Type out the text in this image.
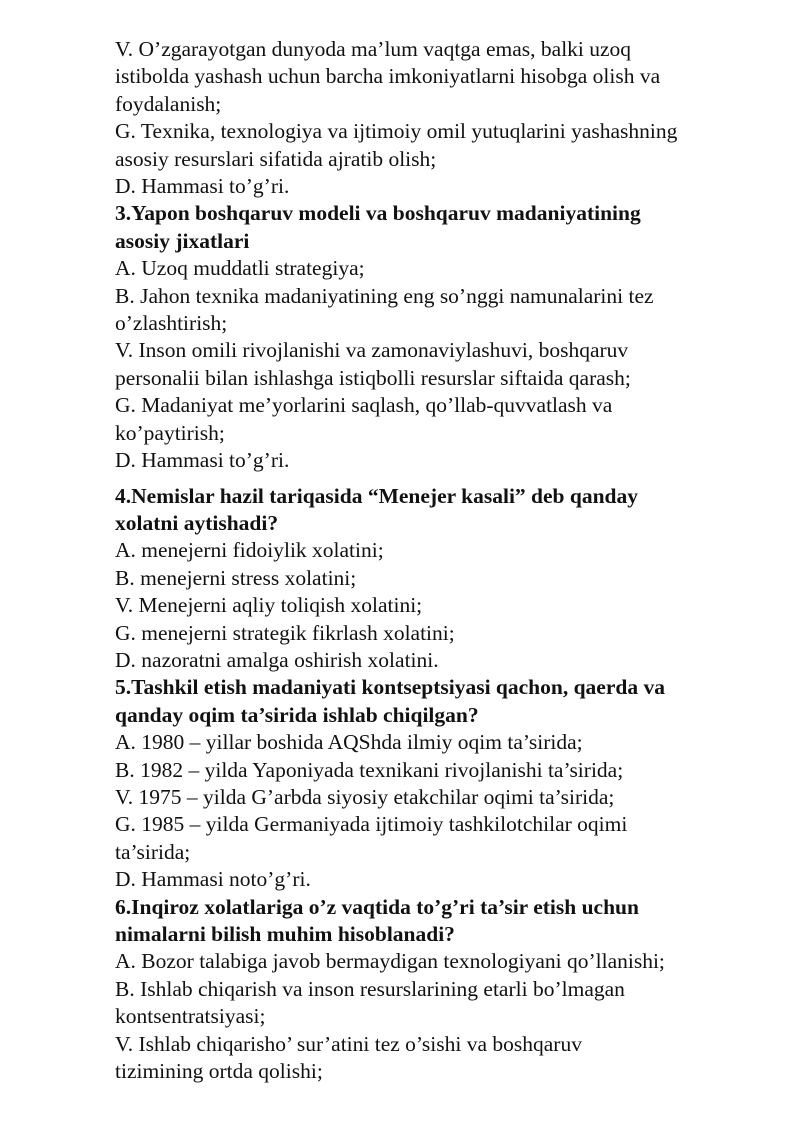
V. O’zgarayotgan dunyoda ma’lum vaqtga emas, balki uzoq

istibolda yashash uchun barcha imkoniyatlarni hisobga olish va

foydalanish;

G. Texnika, texnologiya va ijtimoiy omil yutuqlarini yashashning

asosiy resurslari sifatida ajratib olish;

D. Hammasi to’g’ri.

3.Yapon boshqaruv modeli va boshqaruv madaniyatining

asosiy jixatlari

A. Uzoq muddatli strategiya;

B. Jahon texnika madaniyatining eng so’nggi namunalarini tez

o’zlashtirish;

V. Inson omili rivojlanishi va zamonaviylashuvi, boshqaruv

personalii bilan ishlashga istiqbolli resurslar siftaida qarash;

G. Madaniyat me’yorlarini saqlash, qo’llab-quvvatlash va

ko’paytirish;

D. Hammasi to’g’ri.

4.Nemislar hazil tariqasida “Menejer kasali” deb qanday

xolatni aytishadi?

A. menejerni fidoiylik xolatini;

B. menejerni stress xolatini;

V. Menejerni aqliy toliqish xolatini;

G. menejerni strategik fikrlash xolatini;

D. nazoratni amalga oshirish xolatini.

5.Tashkil etish madaniyati kontseptsiyasi qachon, qaerda va

qanday oqim ta’sirida ishlab chiqilgan?

A. 1980 – yillar boshida AQShda ilmiy oqim ta’sirida;

B. 1982 – yilda Yaponiyada texnikani rivojlanishi ta’sirida;

V. 1975 – yilda G’arbda siyosiy etakchilar oqimi ta’sirida;

G. 1985 – yilda Germaniyada ijtimoiy tashkilotchilar oqimi

ta’sirida;

D. Hammasi noto’g’ri.

6.Inqiroz xolatlariga o’z vaqtida to’g’ri ta’sir etish uchun

nimalarni bilish muhim hisoblanadi?

A. Bozor talabiga javob bermaydigan texnologiyani qo’llanishi;

B. Ishlab chiqarish va inson resurslarining etarli bo’lmagan

kontsentratsiyasi;

V. Ishlab chiqarisho’ sur’atini tez o’sishi va boshqaruv

tizimining ortda qolishi;
